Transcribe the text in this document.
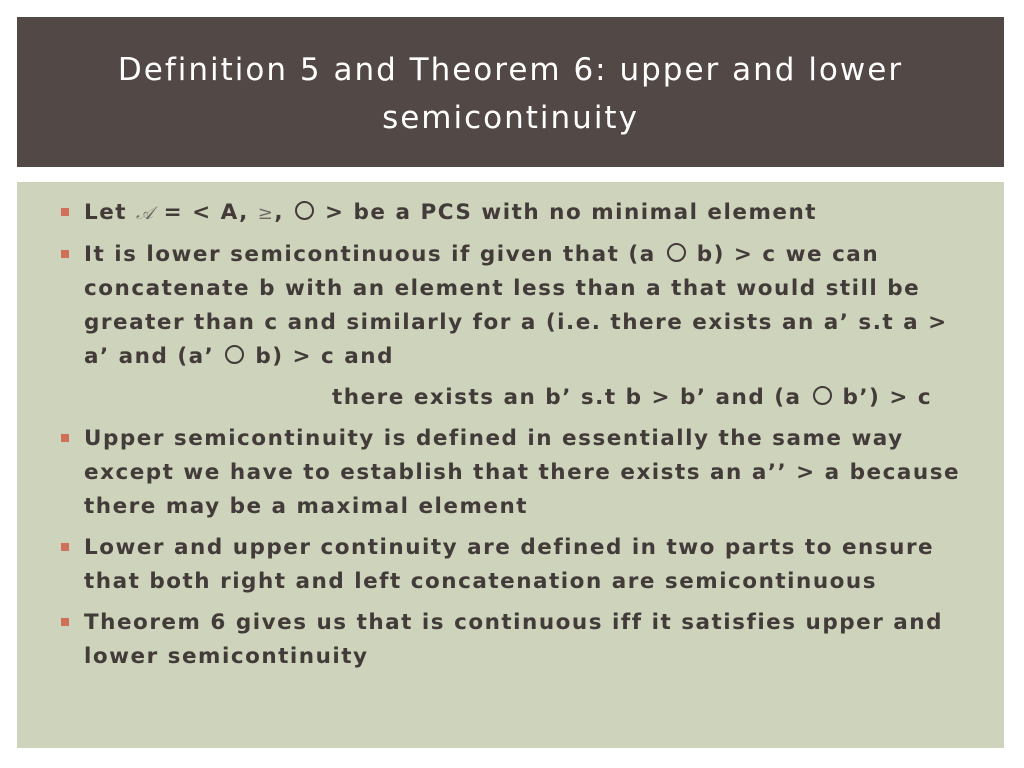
Definition 5 and Theorem 6: upper and lower semicontinuity
Let 𝒜 = < A, ≥,  > be a PCS with no minimal element
It is lower semicontinuous if given that (a  b) > c we can concatenate b with an element less than a that would still be greater than c and similarly for a (i.e. there exists an a’ s.t a > a’ and (a’  b) > c and
there exists an b’ s.t b > b’ and (a  b’) > c
Upper semicontinuity is defined in essentially the same way except we have to establish that there exists an a’’ > a because there may be a maximal element
Lower and upper continuity are defined in two parts to ensure that both right and left concatenation are semicontinuous
Theorem 6 gives us that is continuous iff it satisfies upper and lower semicontinuity
